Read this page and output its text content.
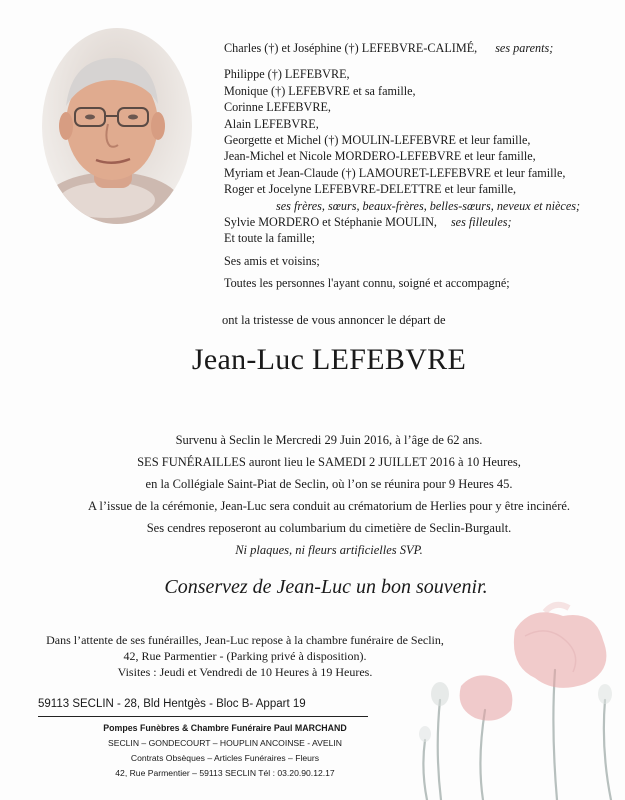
Charles (†) et Joséphine (†) LEFEBVRE-CALIMÉ, ses parents;
Philippe (†) LEFEBVRE,
Monique (†) LEFEBVRE et sa famille,
Corinne LEFEBVRE,
Alain LEFEBVRE,
Georgette et Michel (†) MOULIN-LEFEBVRE et leur famille,
Jean-Michel et Nicole MORDERO-LEFEBVRE et leur famille,
Myriam et Jean-Claude (†) LAMOURET-LEFEBVRE et leur famille,
Roger et Jocelyne LEFEBVRE-DELETTRE et leur famille,
ses frères, sœurs, beaux-frères, belles-sœurs, neveux et nièces;
Sylvie MORDERO et Stéphanie MOULIN, ses filleules;
Et toute la famille;
Ses amis et voisins;
Toutes les personnes l'ayant connu, soigné et accompagné;
ont la tristesse de vous annoncer le départ de
Jean-Luc LEFEBVRE
Survenu à Seclin le Mercredi 29 Juin 2016, à l’âge de 62 ans.
SES FUNÉRAILLES auront lieu le SAMEDI 2 JUILLET 2016 à 10 Heures,
en la Collégiale Saint-Piat de Seclin, où l’on se réunira pour 9 Heures 45.
A l’issue de la cérémonie, Jean-Luc sera conduit au crématorium de Herlies pour y être incinéré.
Ses cendres reposeront au columbarium du cimetière de Seclin-Burgault.
Ni plaques, ni fleurs artificielles SVP.
Conservez de Jean-Luc un bon souvenir.
Dans l’attente de ses funérailles, Jean-Luc repose à la chambre funéraire de Seclin,
42, Rue Parmentier - (Parking privé à disposition).
Visites : Jeudi et Vendredi de 10 Heures à 19 Heures.
59113 SECLIN - 28, Bld Hentgès - Bloc B- Appart 19
Pompes Funèbres & Chambre Funéraire Paul MARCHAND
SECLIN – GONDECOURT – HOUPLIN ANCOINSE - AVELIN
Contrats Obsèques – Articles Funéraires – Fleurs
42, Rue Parmentier – 59113 SECLIN Tél : 03.20.90.12.17
